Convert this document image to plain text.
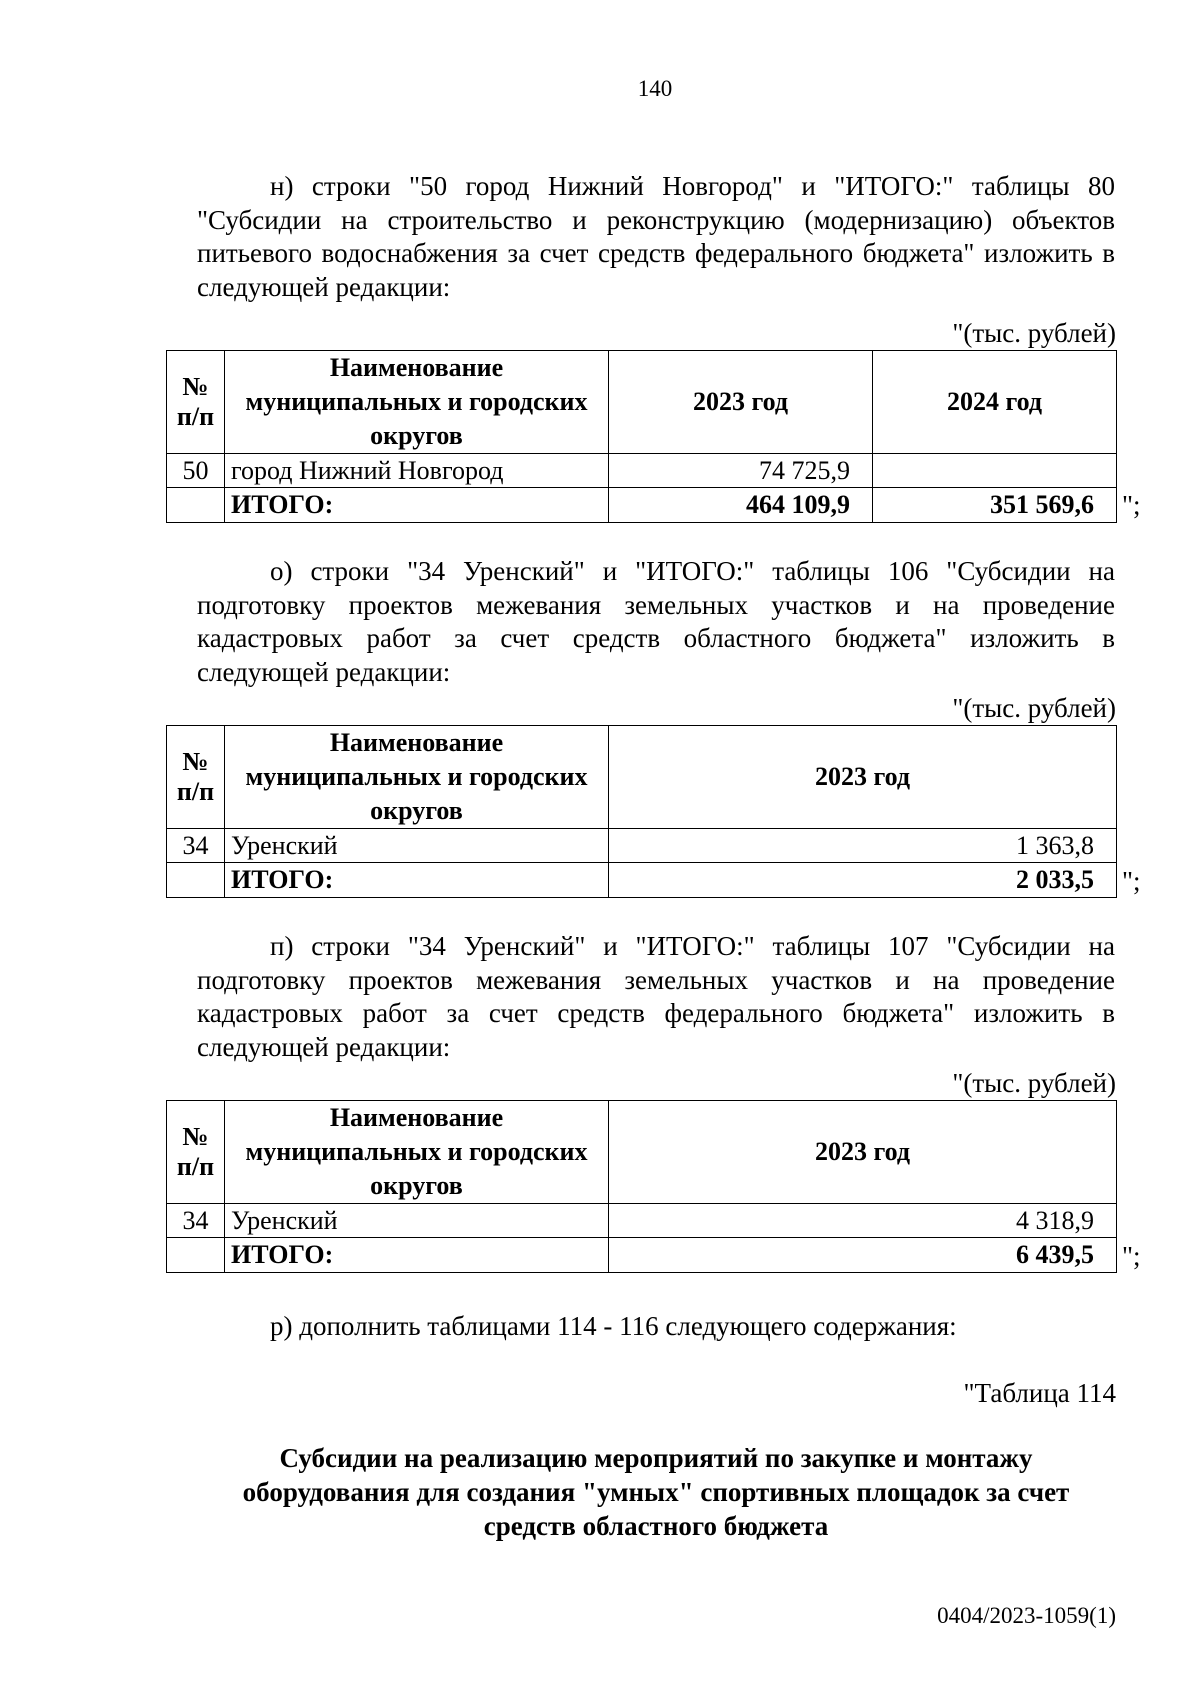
140

н) строки "50 город Нижний Новгород" и "ИТОГО:" таблицы 80 "Субсидии на строительство и реконструкцию (модернизацию) объектов питьевого водоснабжения за счет средств федерального бюджета" изложить в следующей редакции:

"(тыс. рублей)
№ п/п	Наименование муниципальных и городских округов	2023 год	2024 год
50	город Нижний Новгород	74 725,9	
	ИТОГО:	464 109,9	351 569,6 ";

о) строки "34 Уренский" и "ИТОГО:" таблицы 106 "Субсидии на подготовку проектов межевания земельных участков и на проведение кадастровых работ за счет средств областного бюджета" изложить в следующей редакции:

"(тыс. рублей)
№ п/п	Наименование муниципальных и городских округов	2023 год
34	Уренский	1 363,8
	ИТОГО:	2 033,5 ";

п) строки "34 Уренский" и "ИТОГО:" таблицы 107 "Субсидии на подготовку проектов межевания земельных участков и на проведение кадастровых работ за счет средств федерального бюджета" изложить в следующей редакции:

"(тыс. рублей)
№ п/п	Наименование муниципальных и городских округов	2023 год
34	Уренский	4 318,9
	ИТОГО:	6 439,5 ";

р) дополнить таблицами 114 - 116 следующего содержания:

"Таблица 114

Субсидии на реализацию мероприятий по закупке и монтажу оборудования для создания "умных" спортивных площадок за счет средств областного бюджета

0404/2023-1059(1)
